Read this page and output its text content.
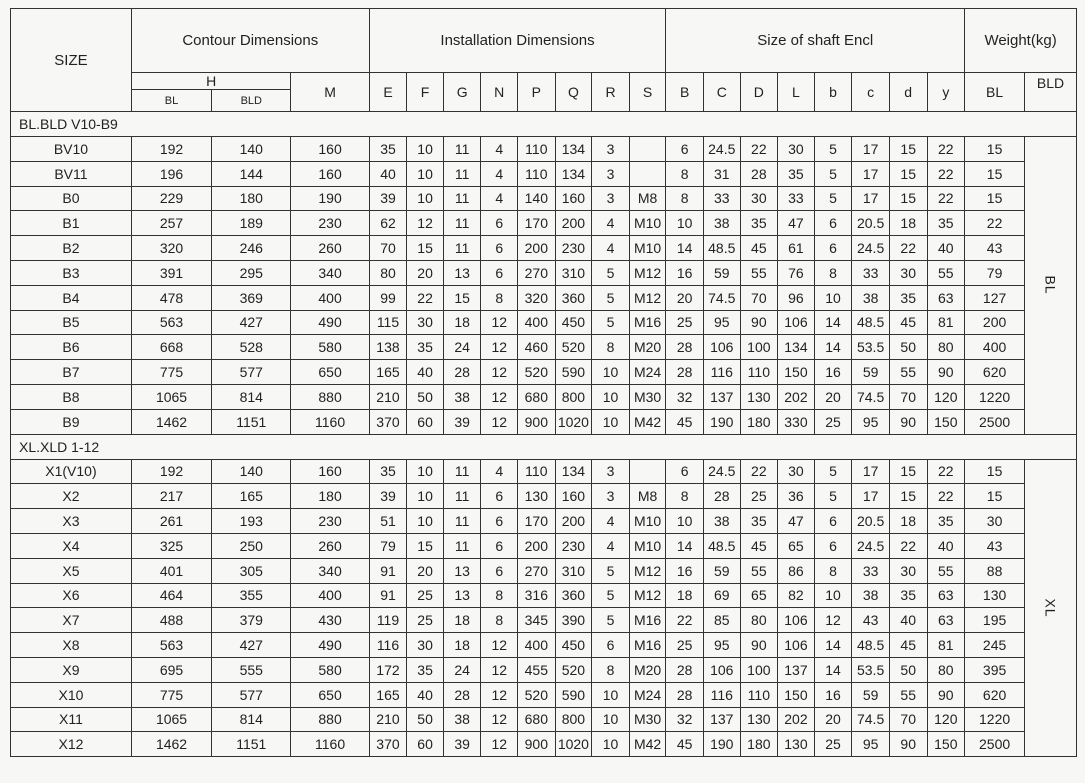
SIZE	Contour Dimensions			Installation Dimensions								Size of shaft Encl								Weight(kg)	
	H		M	E	F	G	N	P	Q	R	S	B	C	D	L	b	c	d	y	BL	BLD
	BL	BLD																			
BL.BLD V10-B9																					
BV10	192	140	160	35	10	11	4	110	134	3		6	24.5	22	30	5	17	15	22	15	BL
BV11	196	144	160	40	10	11	4	110	134	3		8	31	28	35	5	17	15	22	15	
B0	229	180	190	39	10	11	4	140	160	3	M8	8	33	30	33	5	17	15	22	15	
B1	257	189	230	62	12	11	6	170	200	4	M10	10	38	35	47	6	20.5	18	35	22	
B2	320	246	260	70	15	11	6	200	230	4	M10	14	48.5	45	61	6	24.5	22	40	43	
B3	391	295	340	80	20	13	6	270	310	5	M12	16	59	55	76	8	33	30	55	79	
B4	478	369	400	99	22	15	8	320	360	5	M12	20	74.5	70	96	10	38	35	63	127	
B5	563	427	490	115	30	18	12	400	450	5	M16	25	95	90	106	14	48.5	45	81	200	
B6	668	528	580	138	35	24	12	460	520	8	M20	28	106	100	134	14	53.5	50	80	400	
B7	775	577	650	165	40	28	12	520	590	10	M24	28	116	110	150	16	59	55	90	620	
B8	1065	814	880	210	50	38	12	680	800	10	M30	32	137	130	202	20	74.5	70	120	1220	
B9	1462	1151	1160	370	60	39	12	900	1020	10	M42	45	190	180	330	25	95	90	150	2500	
XL.XLD 1-12																					
X1(V10)	192	140	160	35	10	11	4	110	134	3		6	24.5	22	30	5	17	15	22	15	XL
X2	217	165	180	39	10	11	6	130	160	3	M8	8	28	25	36	5	17	15	22	15	
X3	261	193	230	51	10	11	6	170	200	4	M10	10	38	35	47	6	20.5	18	35	30	
X4	325	250	260	79	15	11	6	200	230	4	M10	14	48.5	45	65	6	24.5	22	40	43	
X5	401	305	340	91	20	13	6	270	310	5	M12	16	59	55	86	8	33	30	55	88	
X6	464	355	400	91	25	13	8	316	360	5	M12	18	69	65	82	10	38	35	63	130	
X7	488	379	430	119	25	18	8	345	390	5	M16	22	85	80	106	12	43	40	63	195	
X8	563	427	490	116	30	18	12	400	450	6	M16	25	95	90	106	14	48.5	45	81	245	
X9	695	555	580	172	35	24	12	455	520	8	M20	28	106	100	137	14	53.5	50	80	395	
X10	775	577	650	165	40	28	12	520	590	10	M24	28	116	110	150	16	59	55	90	620	
X11	1065	814	880	210	50	38	12	680	800	10	M30	32	137	130	202	20	74.5	70	120	1220	
X12	1462	1151	1160	370	60	39	12	900	1020	10	M42	45	190	180	130	25	95	90	150	2500	
